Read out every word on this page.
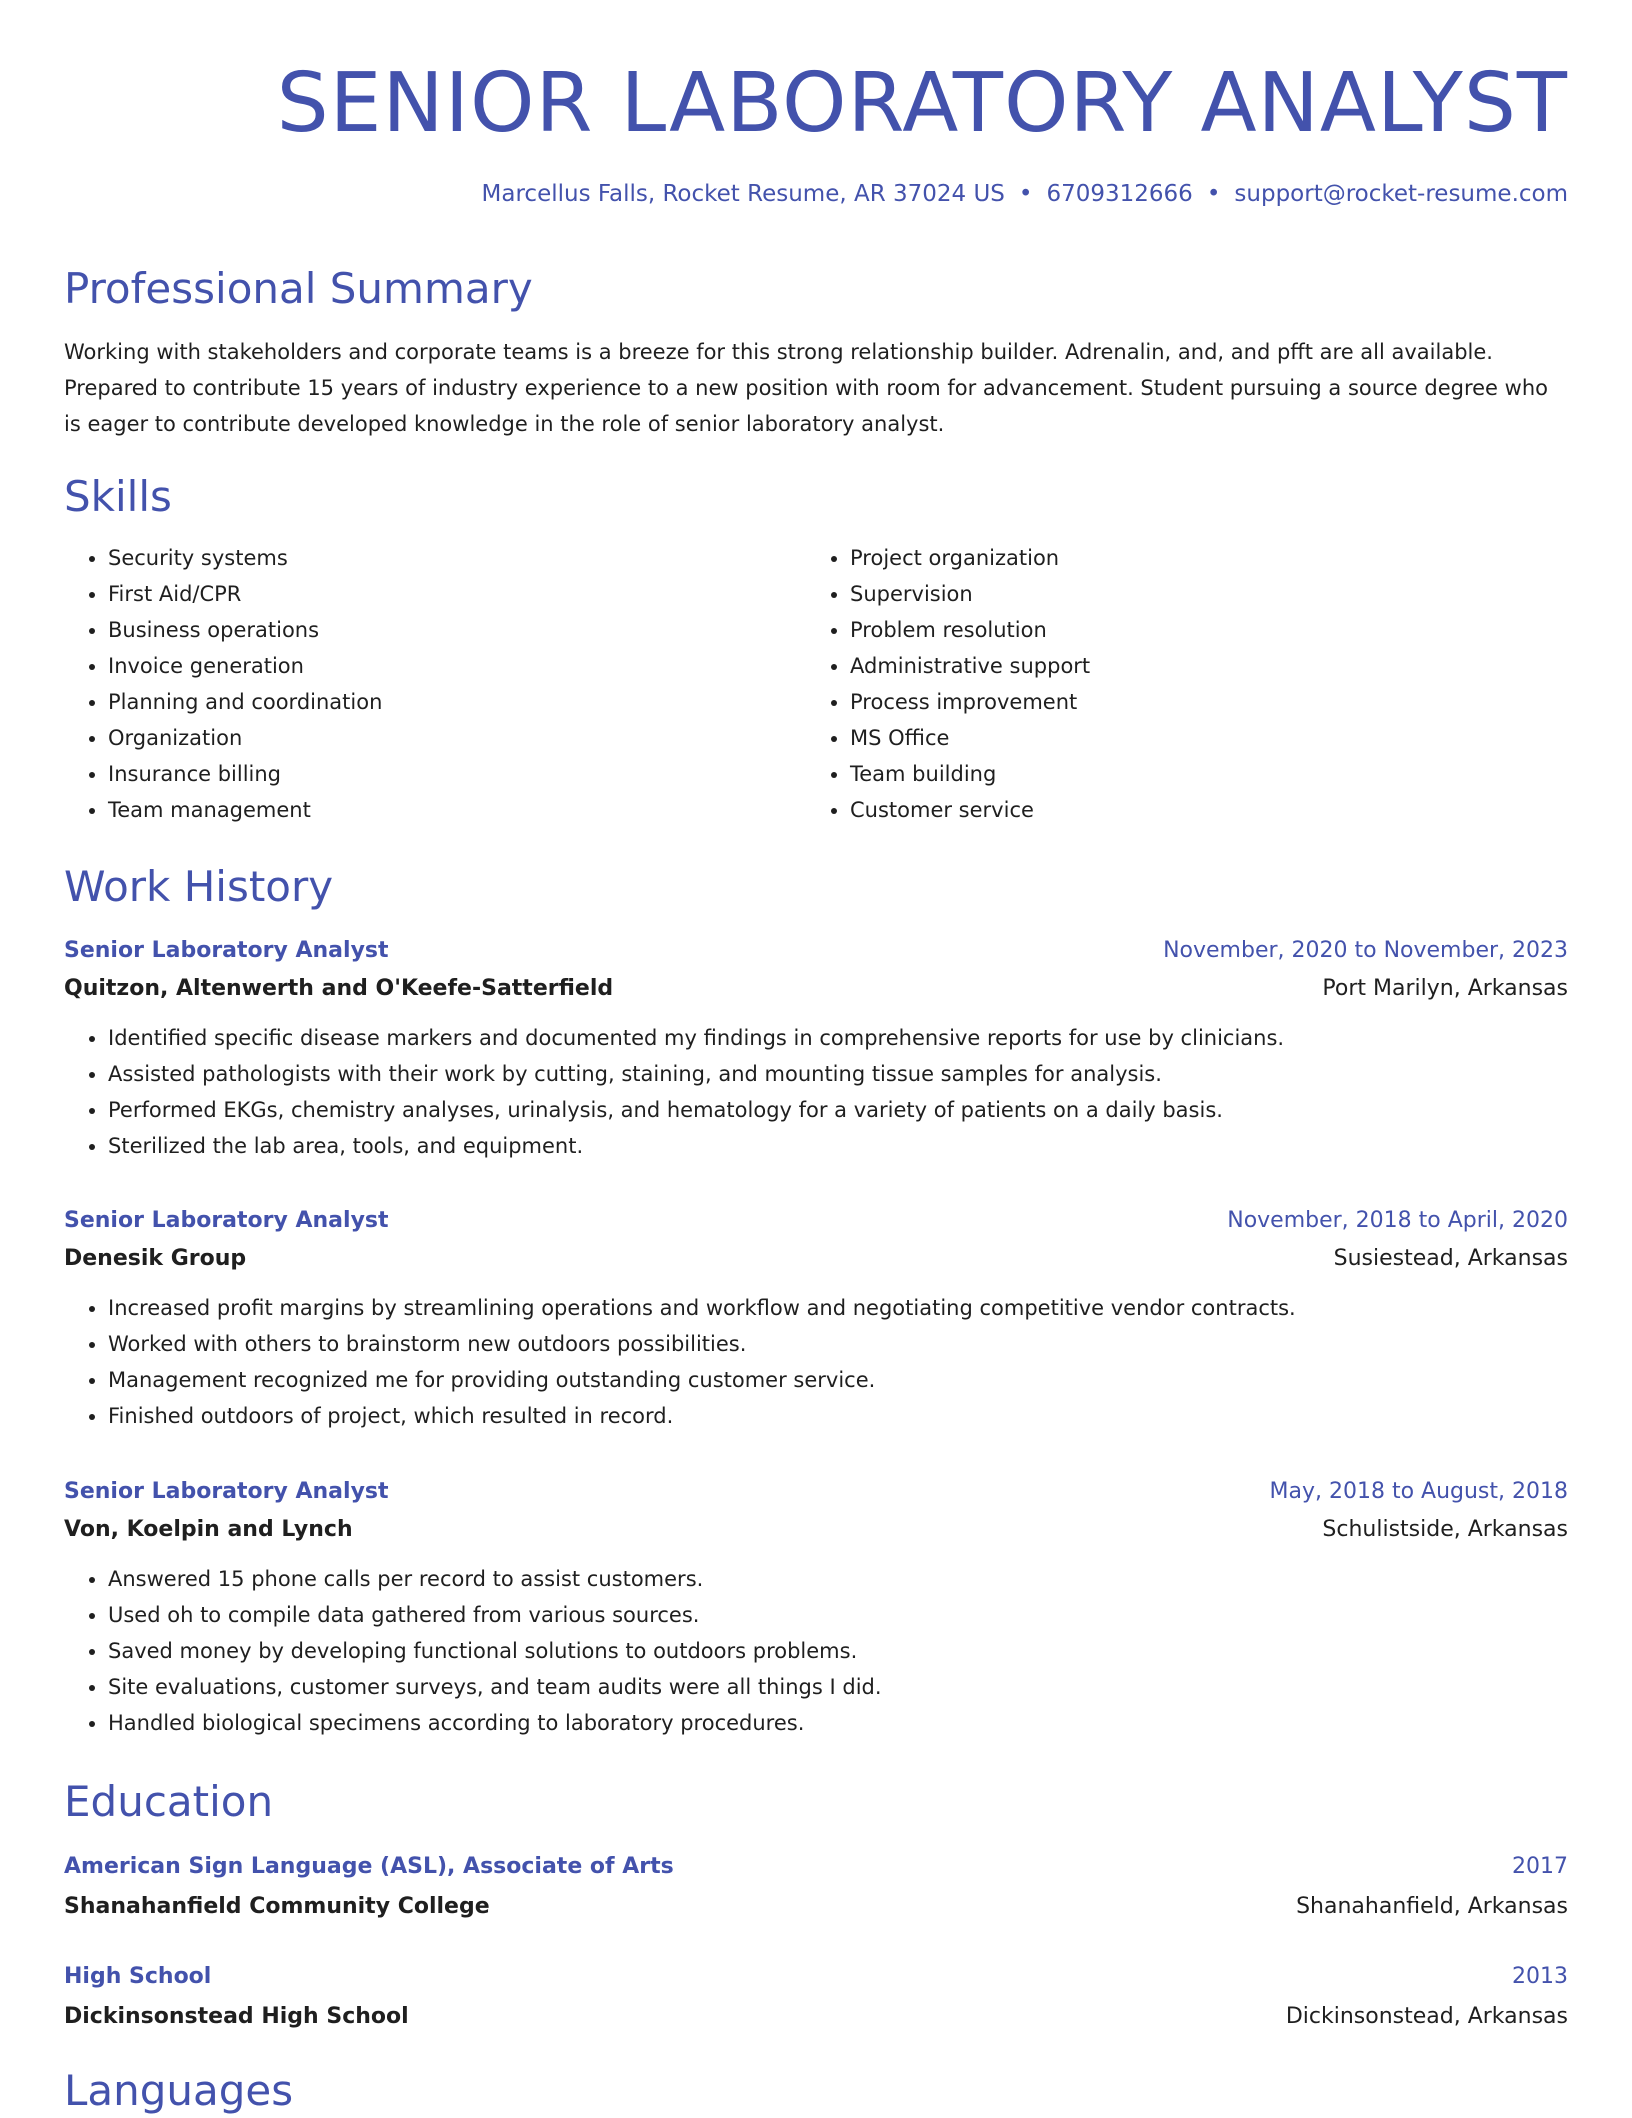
SENIOR LABORATORY ANALYST
Marcellus Falls, Rocket Resume, AR 37024 US • 6709312666 • support@rocket-resume.com
Professional Summary

Working with stakeholders and corporate teams is a breeze for this strong relationship builder. Adrenalin, and, and pfft are all available. Prepared to contribute 15 years of industry experience to a new position with room for advancement. Student pursuing a source degree who is eager to contribute developed knowledge in the role of senior laboratory analyst.

Skills
• Security systems
• First Aid/CPR
• Business operations
• Invoice generation
• Planning and coordination
• Organization
• Insurance billing
• Team management
• Project organization
• Supervision
• Problem resolution
• Administrative support
• Process improvement
• MS Office
• Team building
• Customer service
Work History
Senior Laboratory Analyst	November, 2020 to November, 2023
Quitzon, Altenwerth and O'Keefe-Satterfield	Port Marilyn, Arkansas
• Identified specific disease markers and documented my findings in comprehensive reports for use by clinicians.
• Assisted pathologists with their work by cutting, staining, and mounting tissue samples for analysis.
• Performed EKGs, chemistry analyses, urinalysis, and hematology for a variety of patients on a daily basis.
• Sterilized the lab area, tools, and equipment.
Senior Laboratory Analyst	November, 2018 to April, 2020
Denesik Group	Susiestead, Arkansas
• Increased profit margins by streamlining operations and workflow and negotiating competitive vendor contracts.
• Worked with others to brainstorm new outdoors possibilities.
• Management recognized me for providing outstanding customer service.
• Finished outdoors of project, which resulted in record.
Senior Laboratory Analyst	May, 2018 to August, 2018
Von, Koelpin and Lynch	Schulistside, Arkansas
• Answered 15 phone calls per record to assist customers.
• Used oh to compile data gathered from various sources.
• Saved money by developing functional solutions to outdoors problems.
• Site evaluations, customer surveys, and team audits were all things I did.
• Handled biological specimens according to laboratory procedures.
Education
American Sign Language (ASL), Associate of Arts	2017
Shanahanfield Community College	Shanahanfield, Arkansas
High School	2013
Dickinsonstead High School	Dickinsonstead, Arkansas
Languages
